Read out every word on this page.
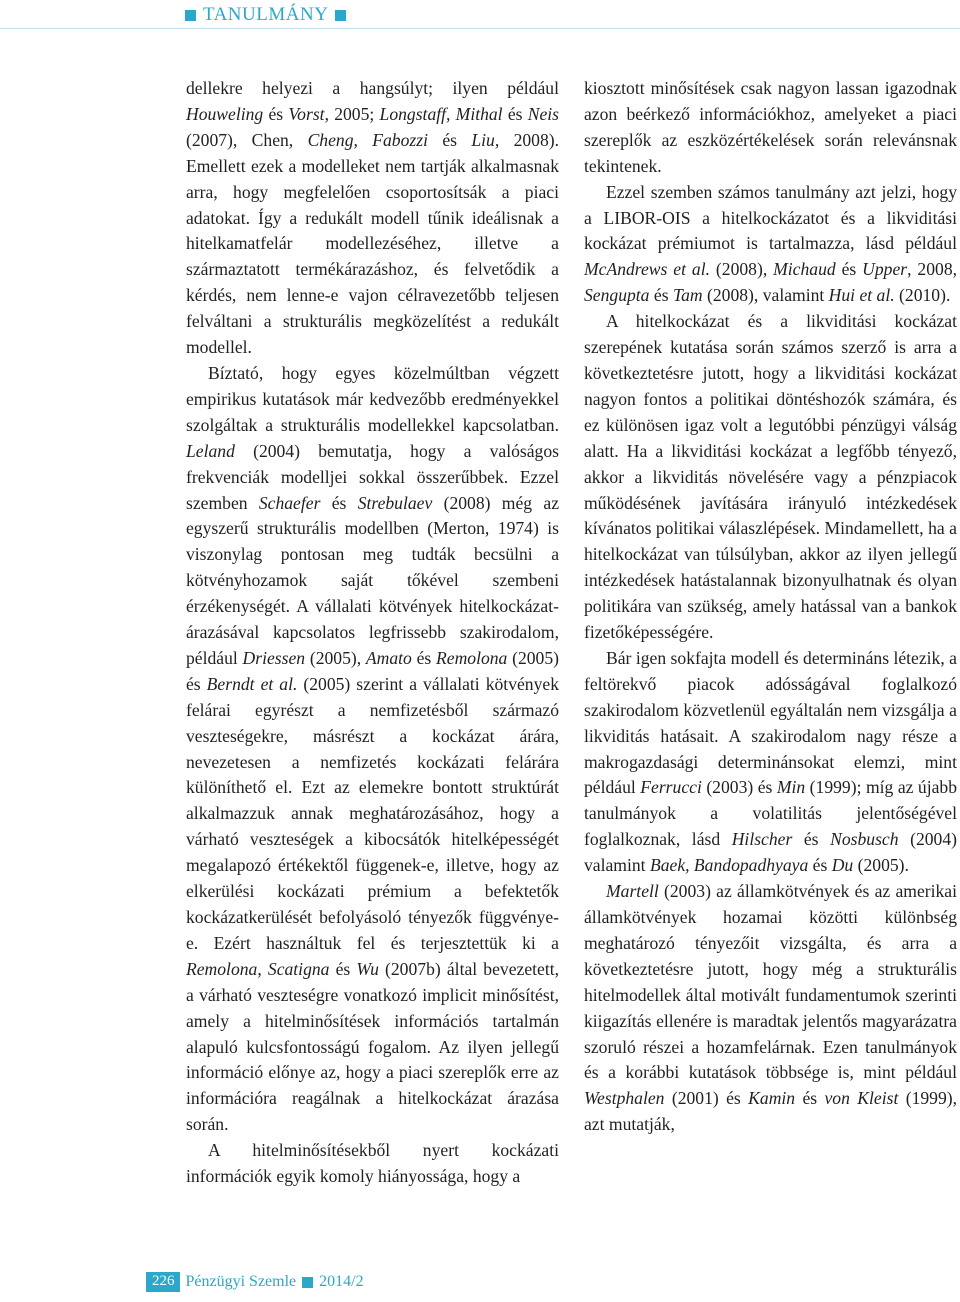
TANULMÁNY

dellekre helyezi a hangsúlyt; ilyen például Houweling és Vorst, 2005; Longstaff, Mithal és Neis (2007), Chen, Cheng, Fabozzi és Liu, 2008). Emellett ezek a modelleket nem tartják alkalmasnak arra, hogy megfelelően csoportosítsák a piaci adatokat. Így a redukált modell tűnik ideálisnak a hitelkamatfelár modellezéséhez, illetve a származtatott termékárazáshoz, és felvetődik a kérdés, nem lenne-e vajon célravezetőbb teljesen felváltani a strukturális megközelítést a redukált modellel.

Bíztató, hogy egyes közelmúltban végzett empirikus kutatások már kedvezőbb eredményekkel szolgáltak a strukturális modellekkel kapcsolatban. Leland (2004) bemutatja, hogy a valóságos frekvenciák modelljei sokkal összerűbbek. Ezzel szemben Schaefer és Strebulaev (2008) még az egyszerű strukturális modellben (Merton, 1974) is viszonylag pontosan meg tudták becsülni a kötvényhozamok saját tőkével szembeni érzékenységét. A vállalati kötvények hitelkockázat-árazásával kapcsolatos legfrissebb szakirodalom, például Driessen (2005), Amato és Remolona (2005) és Berndt et al. (2005) szerint a vállalati kötvények felárai egyrészt a nemfizetésből származó veszteségekre, másrészt a kockázat árára, nevezetesen a nemfizetés kockázati felárára különíthető el. Ezt az elemekre bontott struktúrát alkalmazzuk annak meghatározásához, hogy a várható veszteségek a kibocsátók hitelképességét megalapozó értékektől függenek-e, illetve, hogy az elkerülési kockázati prémium a befektetők kockázatkerülését befolyásoló tényezők függvénye-e. Ezért használtuk fel és terjesztettük ki a Remolona, Scatigna és Wu (2007b) által bevezetett, a várható veszteségre vonatkozó implicit minősítést, amely a hitelminősítések információs tartalmán alapuló kulcsfontosságú fogalom. Az ilyen jellegű információ előnye az, hogy a piaci szereplők erre az információra reagálnak a hitelkockázat árazása során.

A hitelminősítésekből nyert kockázati információk egyik komoly hiányossága, hogy a

kiosztott minősítések csak nagyon lassan igazodnak azon beérkező információkhoz, amelyeket a piaci szereplők az eszközértékelések során relevánsnak tekintenek.

Ezzel szemben számos tanulmány azt jelzi, hogy a LIBOR-OIS a hitelkockázatot és a likviditási kockázat prémiumot is tartalmazza, lásd például McAndrews et al. (2008), Michaud és Upper, 2008, Sengupta és Tam (2008), valamint Hui et al. (2010).

A hitelkockázat és a likviditási kockázat szerepének kutatása során számos szerző is arra a következtetésre jutott, hogy a likviditási kockázat nagyon fontos a politikai döntéshozók számára, és ez különösen igaz volt a legutóbbi pénzügyi válság alatt. Ha a likviditási kockázat a legfőbb tényező, akkor a likviditás növelésére vagy a pénzpiacok működésének javítására irányuló intézkedések kívánatos politikai válaszlépések. Mindamellett, ha a hitelkockázat van túlsúlyban, akkor az ilyen jellegű intézkedések hatástalannak bizonyulhatnak és olyan politikára van szükség, amely hatással van a bankok fizetőképességére.

Bár igen sokfajta modell és determináns létezik, a feltörekvő piacok adósságával foglalkozó szakirodalom közvetlenül egyáltalán nem vizsgálja a likviditás hatásait. A szakirodalom nagy része a makrogazdasági determinánsokat elemzi, mint például Ferrucci (2003) és Min (1999); míg az újabb tanulmányok a volatilitás jelentőségével foglalkoznak, lásd Hilscher és Nosbusch (2004) valamint Baek, Bandopadhyaya és Du (2005).

Martell (2003) az államkötvények és az amerikai államkötvények hozamai közötti különbség meghatározó tényezőit vizsgálta, és arra a következtetésre jutott, hogy még a strukturális hitelmodellek által motivált fundamentumok szerinti kiigazítás ellenére is maradtak jelentős magyarázatra szoruló részei a hozamfelárnak. Ezen tanulmányok és a korábbi kutatások többsége is, mint például Westphalen (2001) és Kamin és von Kleist (1999), azt mutatják,

226 Pénzügyi Szemle 2014/2
